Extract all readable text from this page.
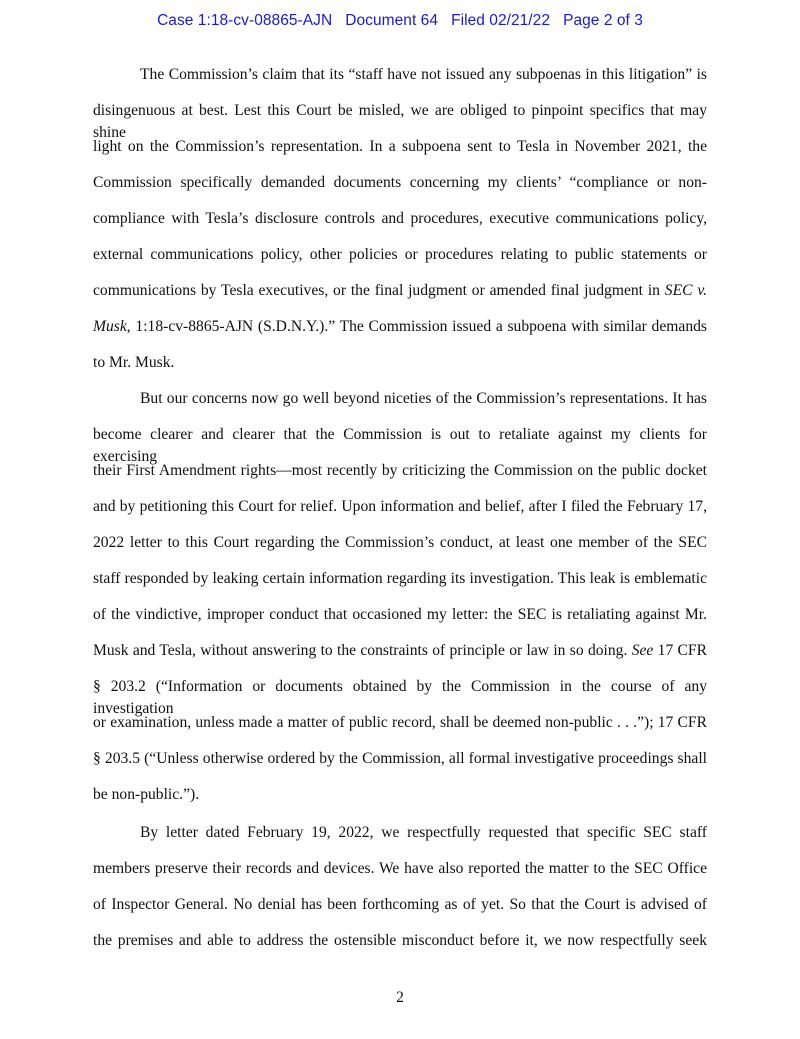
Case 1:18-cv-08865-AJN   Document 64   Filed 02/21/22   Page 2 of 3
The Commission’s claim that its “staff have not issued any subpoenas in this litigation” is
disingenuous at best. Lest this Court be misled, we are obliged to pinpoint specifics that may shine
light on the Commission’s representation. In a subpoena sent to Tesla in November 2021, the
Commission specifically demanded documents concerning my clients’ “compliance or non-
compliance with Tesla’s disclosure controls and procedures, executive communications policy,
external communications policy, other policies or procedures relating to public statements or
communications by Tesla executives, or the final judgment or amended final judgment in SEC v.
Musk, 1:18-cv-8865-AJN (S.D.N.Y.).” The Commission issued a subpoena with similar demands
to Mr. Musk.
But our concerns now go well beyond niceties of the Commission’s representations. It has
become clearer and clearer that the Commission is out to retaliate against my clients for exercising
their First Amendment rights—most recently by criticizing the Commission on the public docket
and by petitioning this Court for relief. Upon information and belief, after I filed the February 17,
2022 letter to this Court regarding the Commission’s conduct, at least one member of the SEC
staff responded by leaking certain information regarding its investigation. This leak is emblematic
of the vindictive, improper conduct that occasioned my letter: the SEC is retaliating against Mr.
Musk and Tesla, without answering to the constraints of principle or law in so doing. See 17 CFR
§ 203.2 (“Information or documents obtained by the Commission in the course of any investigation
or examination, unless made a matter of public record, shall be deemed non-public . . .”); 17 CFR
§ 203.5 (“Unless otherwise ordered by the Commission, all formal investigative proceedings shall
be non-public.”).
By letter dated February 19, 2022, we respectfully requested that specific SEC staff
members preserve their records and devices. We have also reported the matter to the SEC Office
of Inspector General. No denial has been forthcoming as of yet. So that the Court is advised of
the premises and able to address the ostensible misconduct before it, we now respectfully seek
2
